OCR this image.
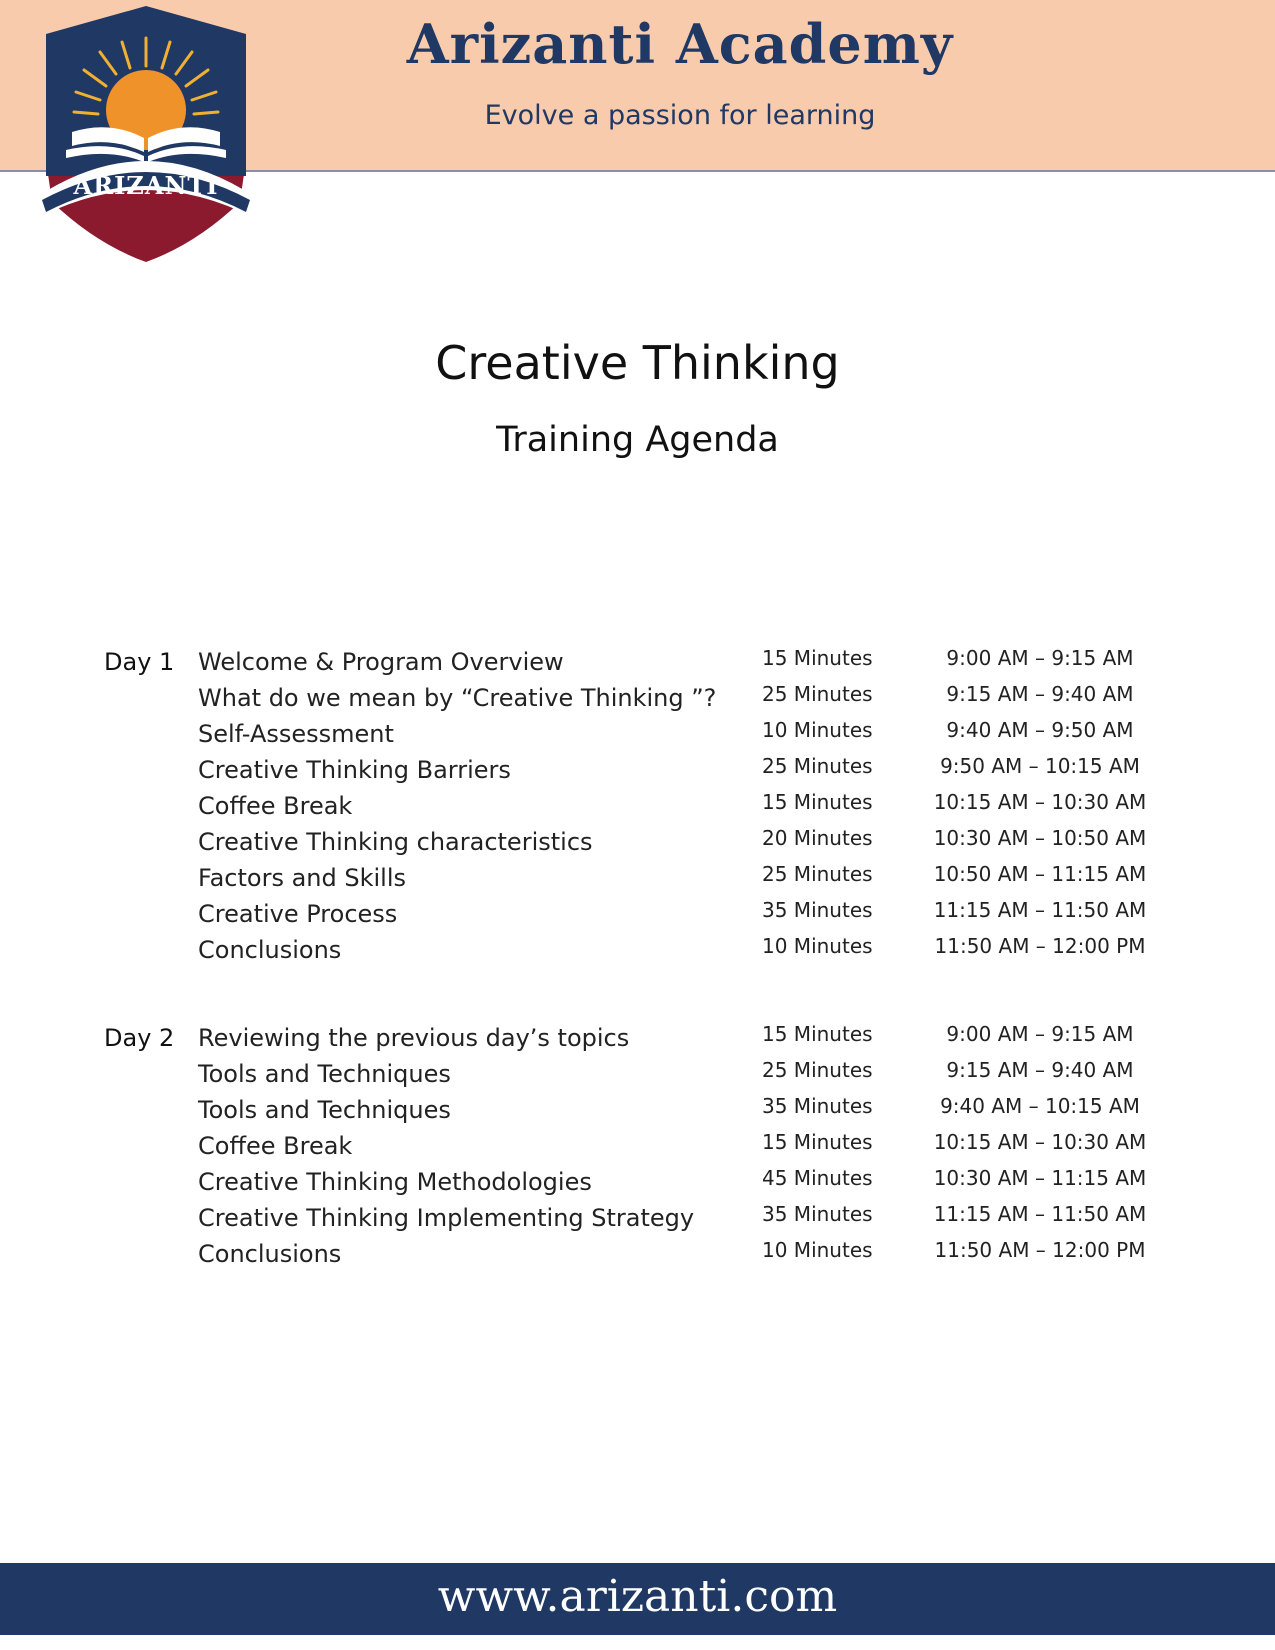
Arizanti Academy
Evolve a passion for learning
ARIZANTI
Creative Thinking
Training Agenda
Day 1 Welcome & Program Overview	15 Minutes	9:00 AM – 9:15 AM
What do we mean by “Creative Thinking ”? 25 Minutes	9:15 AM – 9:40 AM
Self-Assessment	10 Minutes	9:40 AM – 9:50 AM
Creative Thinking Barriers	25 Minutes	9:50 AM – 10:15 AM
Coffee Break	15 Minutes	10:15 AM – 10:30 AM
Creative Thinking characteristics	20 Minutes	10:30 AM – 10:50 AM
Factors and Skills	25 Minutes	10:50 AM – 11:15 AM
Creative Process	35 Minutes	11:15 AM – 11:50 AM
Conclusions	10 Minutes	11:50 AM – 12:00 PM
Day 2 Reviewing the previous day’s topics	15 Minutes	9:00 AM – 9:15 AM
Tools and Techniques	25 Minutes	9:15 AM – 9:40 AM
Tools and Techniques	35 Minutes	9:40 AM – 10:15 AM
Coffee Break	15 Minutes	10:15 AM – 10:30 AM
Creative Thinking Methodologies	45 Minutes	10:30 AM – 11:15 AM
Creative Thinking Implementing Strategy	35 Minutes	11:15 AM – 11:50 AM
Conclusions	10 Minutes	11:50 AM – 12:00 PM
www.arizanti.com
